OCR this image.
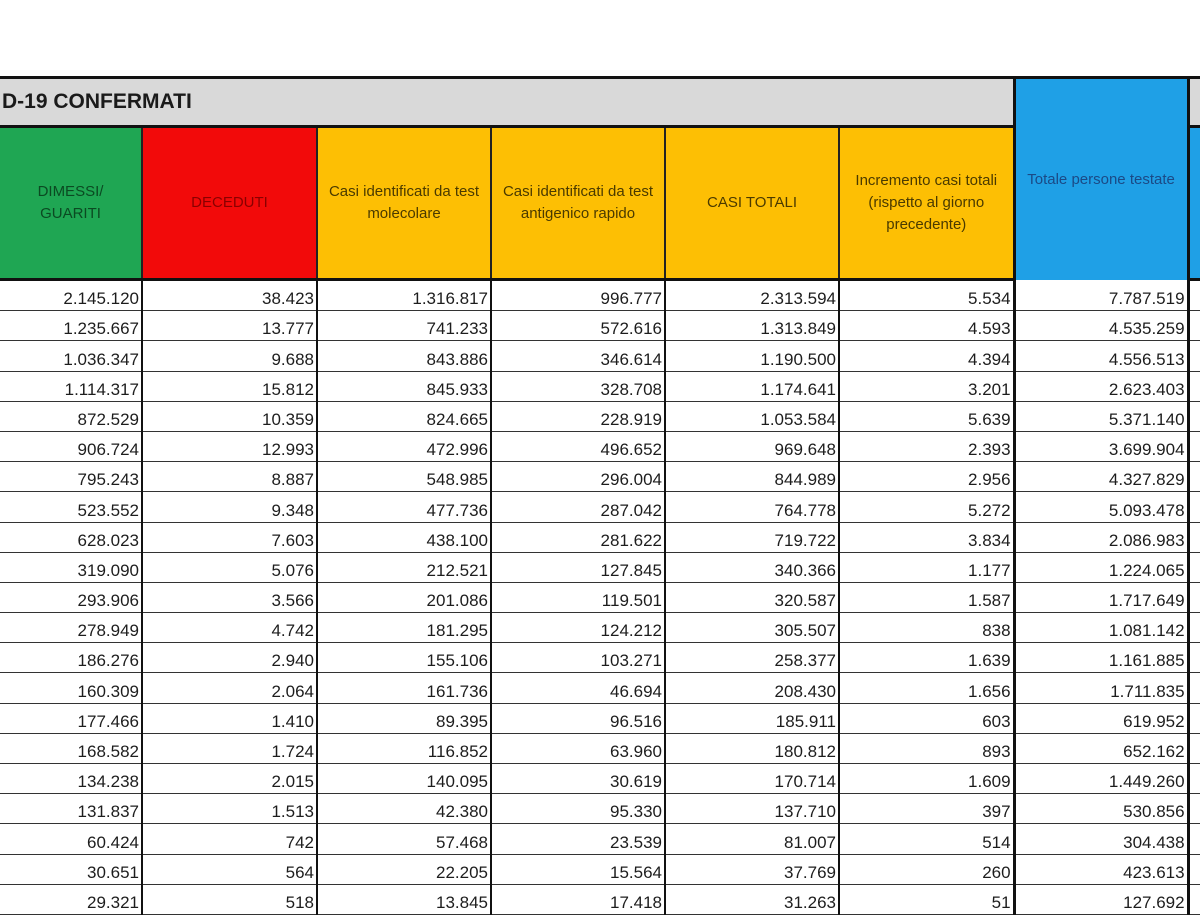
D-19 CONFERMATI						Totale persone testate	
DIMESSI/ GUARITI	DECEDUTI	Casi identificati da test molecolare	Casi identificati da test antigenico rapido	CASI TOTALI	Incremento casi totali (rispetto al giorno precedente)		
2.145.120	38.423	1.316.817	996.777	2.313.594	5.534	7.787.519	
1.235.667	13.777	741.233	572.616	1.313.849	4.593	4.535.259	
1.036.347	9.688	843.886	346.614	1.190.500	4.394	4.556.513	
1.114.317	15.812	845.933	328.708	1.174.641	3.201	2.623.403	
872.529	10.359	824.665	228.919	1.053.584	5.639	5.371.140	
906.724	12.993	472.996	496.652	969.648	2.393	3.699.904	
795.243	8.887	548.985	296.004	844.989	2.956	4.327.829	
523.552	9.348	477.736	287.042	764.778	5.272	5.093.478	
628.023	7.603	438.100	281.622	719.722	3.834	2.086.983	
319.090	5.076	212.521	127.845	340.366	1.177	1.224.065	
293.906	3.566	201.086	119.501	320.587	1.587	1.717.649	
278.949	4.742	181.295	124.212	305.507	838	1.081.142	
186.276	2.940	155.106	103.271	258.377	1.639	1.161.885	
160.309	2.064	161.736	46.694	208.430	1.656	1.711.835	
177.466	1.410	89.395	96.516	185.911	603	619.952	
168.582	1.724	116.852	63.960	180.812	893	652.162	
134.238	2.015	140.095	30.619	170.714	1.609	1.449.260	
131.837	1.513	42.380	95.330	137.710	397	530.856	
60.424	742	57.468	23.539	81.007	514	304.438	
30.651	564	22.205	15.564	37.769	260	423.613	
29.321	518	13.845	17.418	31.263	51	127.692	
